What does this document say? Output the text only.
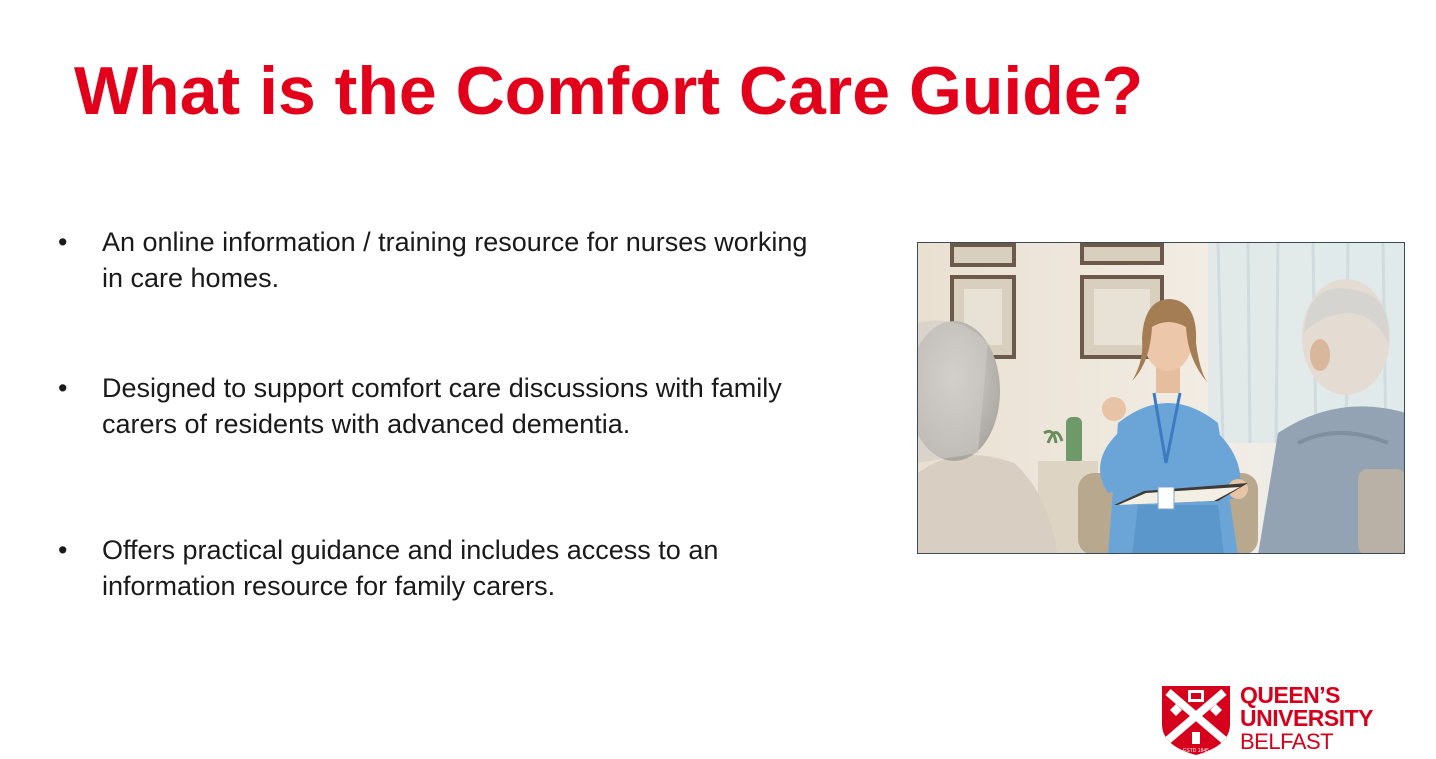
What is the Comfort Care Guide?
• An online information / training resource for nurses working in care homes.
• Designed to support comfort care discussions with family carers of residents with advanced dementia.
• Offers practical guidance and includes access to an information resource for family carers.
ESTD 1845
QUEEN’S
UNIVERSITY
BELFAST
